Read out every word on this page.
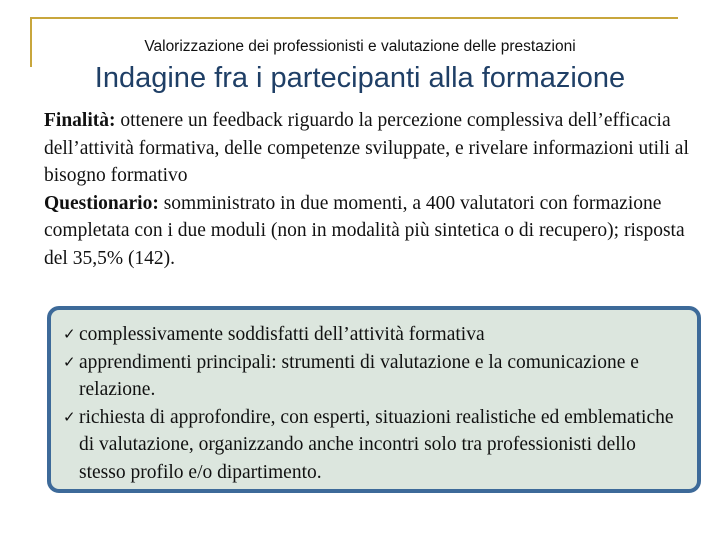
Valorizzazione dei professionisti e valutazione delle prestazioni
Indagine fra i partecipanti alla formazione

Finalità: ottenere un feedback riguardo la percezione complessiva dell’efficacia dell’attività formativa, delle competenze sviluppate, e rivelare informazioni utili al bisogno formativo

Questionario: somministrato in due momenti, a 400 valutatori con formazione completata con i due moduli (non in modalità più sintetica o di recupero); risposta del 35,5% (142).

✓ complessivamente soddisfatti dell’attività formativa
✓ apprendimenti principali: strumenti di valutazione e la comunicazione e relazione.
✓ richiesta di approfondire, con esperti, situazioni realistiche ed emblematiche di valutazione, organizzando anche incontri solo tra professionisti dello stesso profilo e/o dipartimento.
